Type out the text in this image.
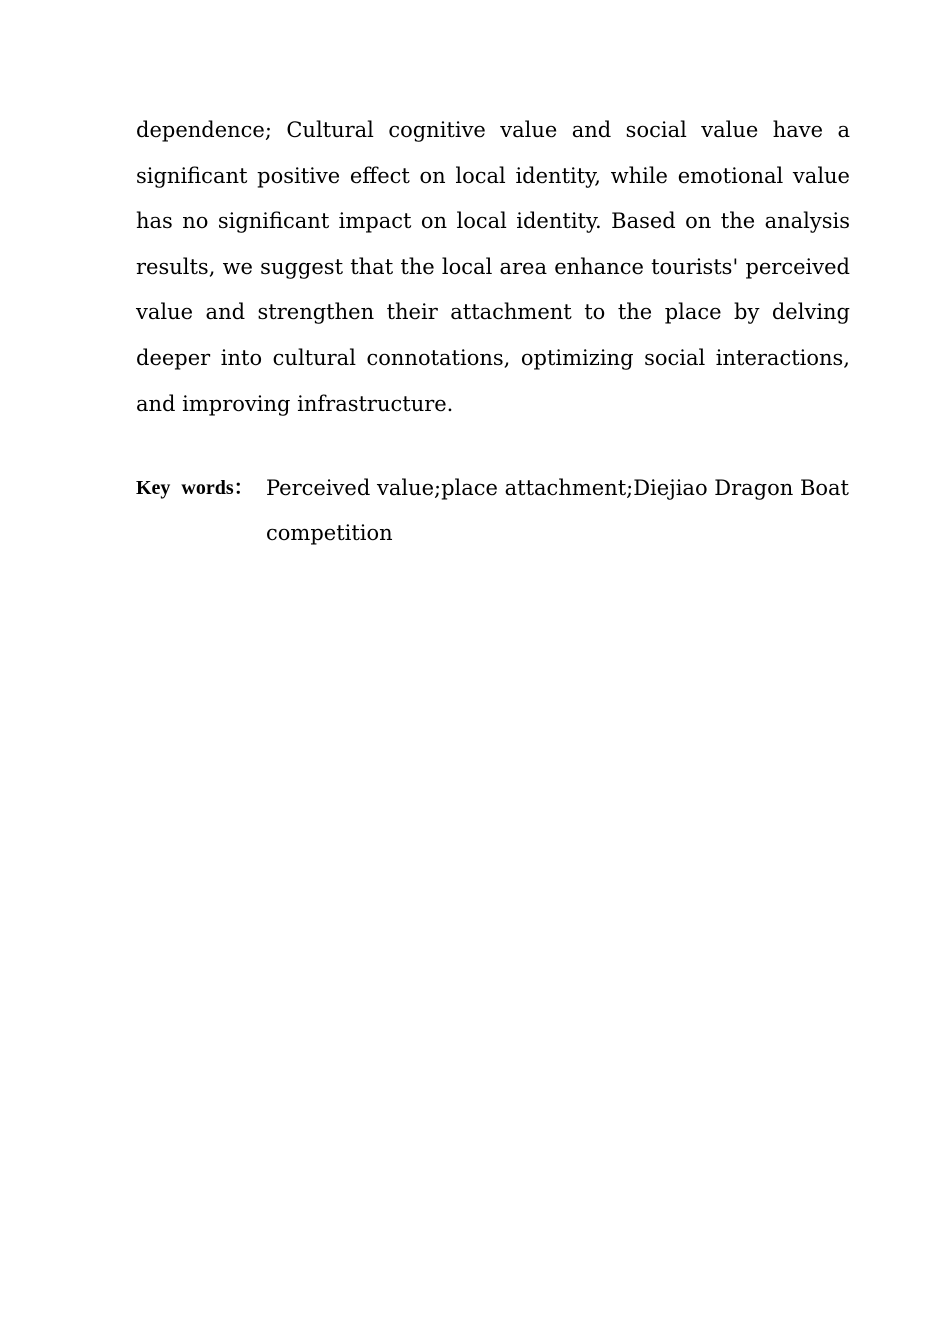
dependence; Cultural cognitive value and social value have a significant positive effect on local identity, while emotional value has no significant impact on local identity. Based on the analysis results, we suggest that the local area enhance tourists' perceived value and strengthen their attachment to the place by delving deeper into cultural connotations, optimizing social interactions, and improving infrastructure.

Key words： Perceived value;place attachment;Diejiao Dragon Boat competition
